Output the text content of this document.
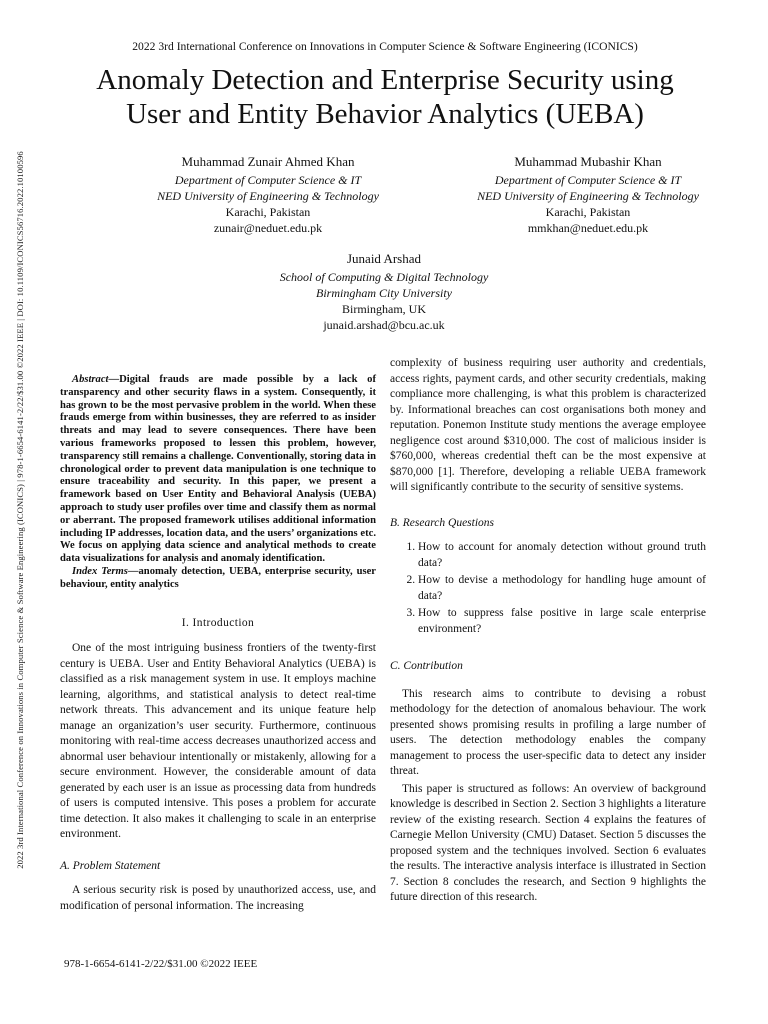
2022 3rd International Conference on Innovations in Computer Science & Software Engineering (ICONICS) | 978-1-6654-6141-2/22/$31.00 ©2022 IEEE | DOI: 10.1109/ICONICS56716.2022.10100596
2022 3rd International Conference on Innovations in Computer Science & Software Engineering (ICONICS)
Anomaly Detection and Enterprise Security using
User and Entity Behavior Analytics (UEBA)
Muhammad Zunair Ahmed Khan
Department of Computer Science & IT
NED University of Engineering & Technology
Karachi, Pakistan
zunair@neduet.edu.pk
Muhammad Mubashir Khan
Department of Computer Science & IT
NED University of Engineering & Technology
Karachi, Pakistan
mmkhan@neduet.edu.pk
Junaid Arshad
School of Computing & Digital Technology
Birmingham City University
Birmingham, UK
junaid.arshad@bcu.ac.uk

Abstract—Digital frauds are made possible by a lack of transparency and other security flaws in a system. Consequently, it has grown to be the most pervasive problem in the world. When these frauds emerge from within businesses, they are referred to as insider threats and may lead to severe consequences. There have been various frameworks proposed to lessen this problem, however, transparency still remains a challenge. Conventionally, storing data in chronological order to prevent data manipulation is one technique to ensure traceability and security. In this paper, we present a framework based on User Entity and Behavioral Analysis (UEBA) approach to study user profiles over time and classify them as normal or aberrant. The proposed framework utilises additional information including IP addresses, location data, and the users’ organizations etc. We focus on applying data science and analytical methods to create data visualizations for analysis and anomaly identification.

Index Terms—anomaly detection, UEBA, enterprise security, user behaviour, entity analytics

I. Introduction

One of the most intriguing business frontiers of the twenty-first century is UEBA. User and Entity Behavioral Analytics (UEBA) is classified as a risk management system in use. It employs machine learning, algorithms, and statistical analysis to detect real-time network threats. This advancement and its unique feature help manage an organization’s user security. Furthermore, continuous monitoring with real-time access decreases unauthorized access and abnormal user behaviour intentionally or mistakenly, allowing for a secure environment. However, the considerable amount of data generated by each user is an issue as processing data from hundreds of users is computed intensive. This poses a problem for accurate time detection. It also makes it challenging to scale in an enterprise environment.

A. Problem Statement

A serious security risk is posed by unauthorized access, use, and modification of personal information. The increasing

complexity of business requiring user authority and credentials, access rights, payment cards, and other security credentials, making compliance more challenging, is what this problem is characterized by. Informational breaches can cost organisations both money and reputation. Ponemon Institute study mentions the average employee negligence cost around $310,000. The cost of malicious insider is $760,000, whereas credential theft can be the most expensive at $870,000 [1]. Therefore, developing a reliable UEBA framework will significantly contribute to the security of sensitive systems.

B. Research Questions
1. How to account for anomaly detection without ground truth data?
2. How to devise a methodology for handling huge amount of data?
3. How to suppress false positive in large scale enterprise environment?
C. Contribution

This research aims to contribute to devising a robust methodology for the detection of anomalous behaviour. The work presented shows promising results in profiling a large number of users. The detection methodology enables the company management to process the user-specific data to detect any insider threat.

This paper is structured as follows: An overview of background knowledge is described in Section 2. Section 3 highlights a literature review of the existing research. Section 4 explains the features of Carnegie Mellon University (CMU) Dataset. Section 5 discusses the proposed system and the techniques involved. Section 6 evaluates the results. The interactive analysis interface is illustrated in Section 7. Section 8 concludes the research, and Section 9 highlights the future direction of this research.

978-1-6654-6141-2/22/$31.00 ©2022 IEEE
